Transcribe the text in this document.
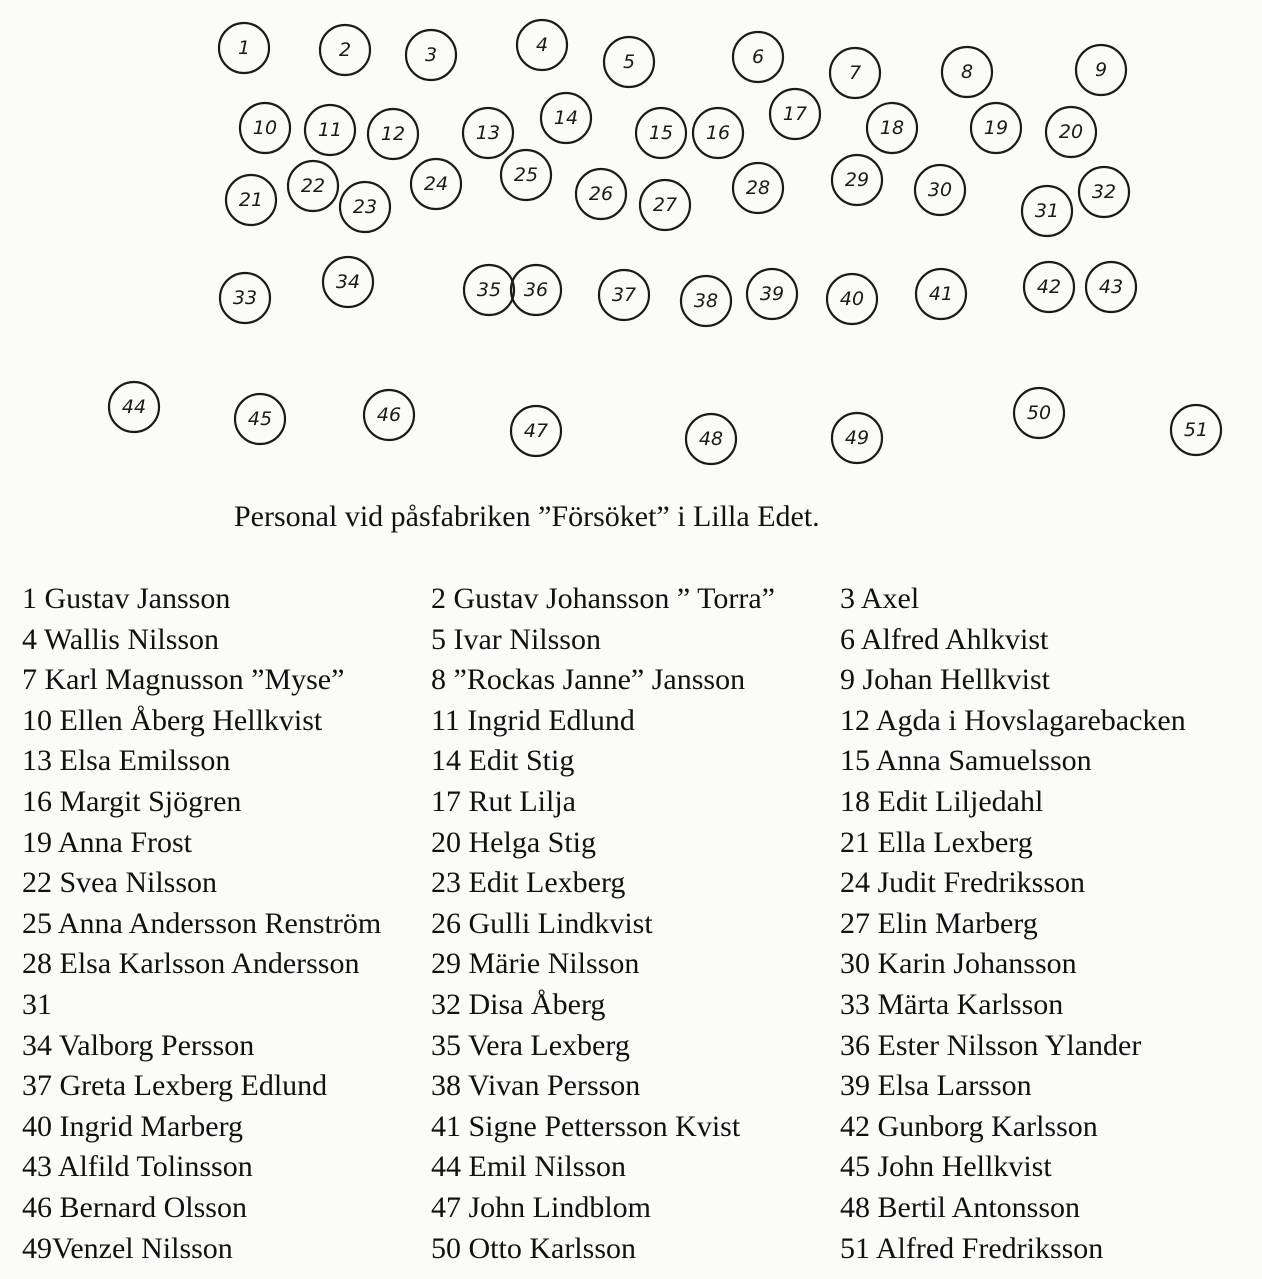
1	2	3	4
5	6
7	8	9
10 11 12	13
14
15 16
17
18	19	20
21
22
23
24	25
26 27
28	29	30
31
32
33
34	35 36	37	38 39	40	41	42 43
44
45	46
47	48	49
50
51
Personal vid påsfabriken ”Försöket” i Lilla Edet.
1 Gustav Jansson	2 Gustav Johansson ” Torra”	3 Axel
4 Wallis Nilsson	5 Ivar Nilsson	6 Alfred Ahlkvist
7 Karl Magnusson ”Myse”	8 ”Rockas Janne” Jansson	9 Johan Hellkvist
10 Ellen Åberg Hellkvist	11 Ingrid Edlund	12 Agda i Hovslagarebacken
13 Elsa Emilsson	14 Edit Stig	15 Anna Samuelsson
16 Margit Sjögren	17 Rut Lilja	18 Edit Liljedahl
19 Anna Frost	20 Helga Stig	21 Ella Lexberg
22 Svea Nilsson	23 Edit Lexberg	24 Judit Fredriksson
25 Anna Andersson Renström	26 Gulli Lindkvist	27 Elin Marberg
28 Elsa Karlsson Andersson	29 Märie Nilsson	30 Karin Johansson
31	32 Disa Åberg	33 Märta Karlsson
34 Valborg Persson	35 Vera Lexberg	36 Ester Nilsson Ylander
37 Greta Lexberg Edlund	38 Vivan Persson	39 Elsa Larsson
40 Ingrid Marberg	41 Signe Pettersson Kvist	42 Gunborg Karlsson
43 Alfild Tolinsson	44 Emil Nilsson	45 John Hellkvist
46 Bernard Olsson	47 John Lindblom	48 Bertil Antonsson
49Venzel Nilsson	50 Otto Karlsson	51 Alfred Fredriksson
